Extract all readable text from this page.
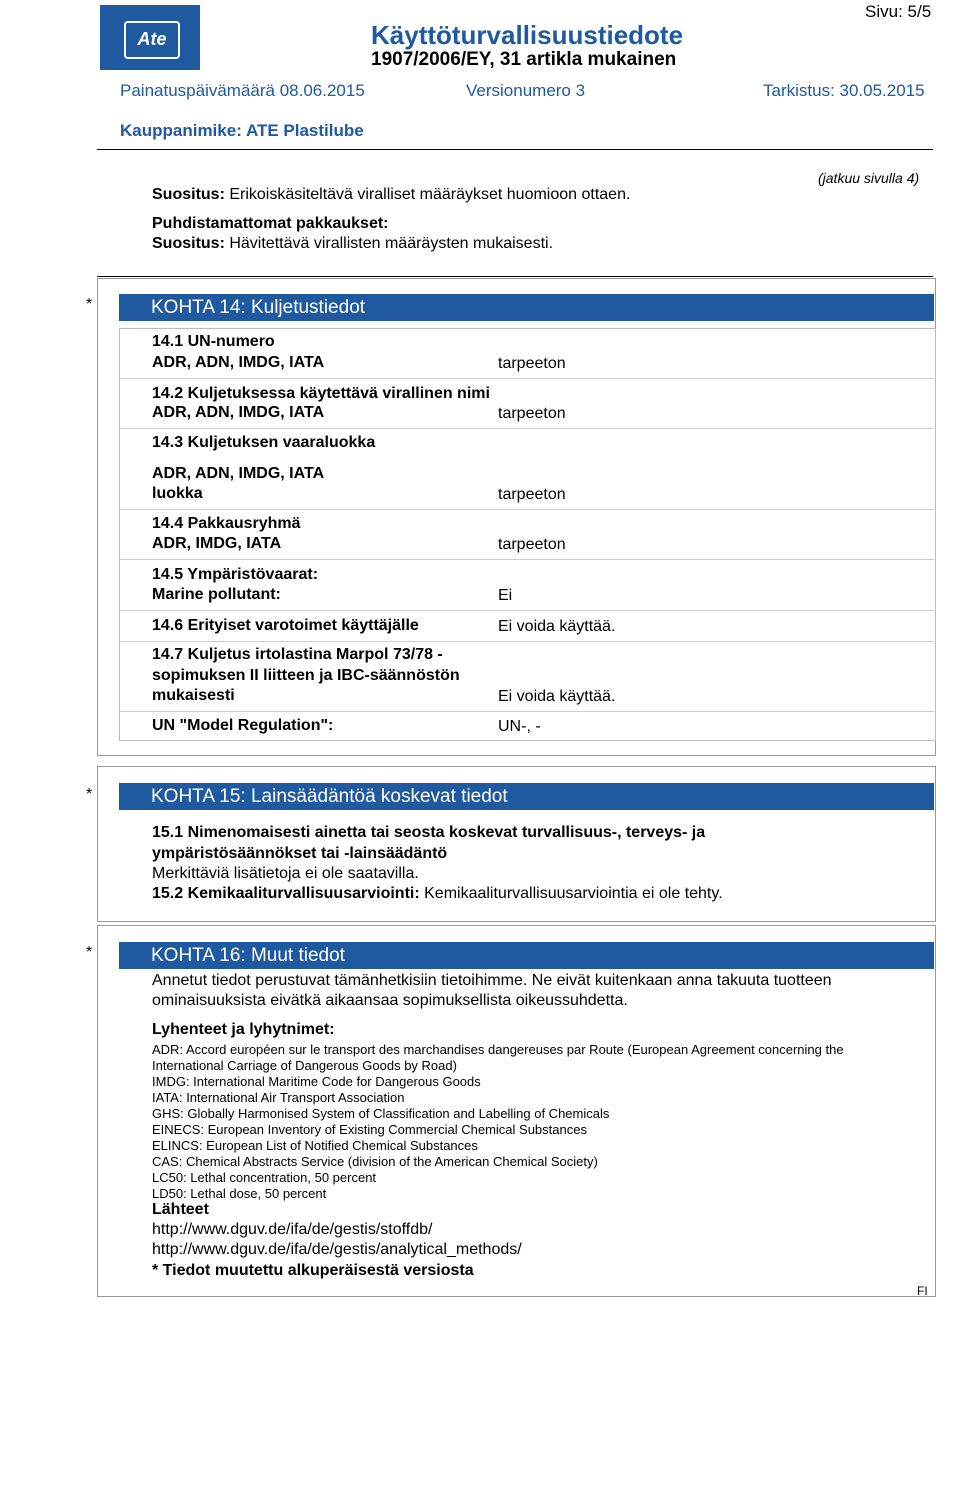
Ate	Käyttöturvallisuustiedote
1907/2006/EY, 31 artikla mukainen
Sivu: 5/5
Painatuspäivämäärä 08.06.2015	Versionumero 3	Tarkistus: 30.05.2015
Kauppanimike: ATE Plastilube
(jatkuu sivulla 4)
Suositus: Erikoiskäsiteltävä viralliset määräykset huomioon ottaen.
Puhdistamattomat pakkaukset:
Suositus: Hävitettävä virallisten määräysten mukaisesti.
*	KOHTA 14: Kuljetustiedot
14.1 UN-numero
ADR, ADN, IMDG, IATA	tarpeeton
14.2 Kuljetuksessa käytettävä virallinen nimi
ADR, ADN, IMDG, IATA	tarpeeton
14.3 Kuljetuksen vaaraluokka
ADR, ADN, IMDG, IATA
luokka	tarpeeton
14.4 Pakkausryhmä
ADR, IMDG, IATA	tarpeeton
14.5 Ympäristövaarat:
Marine pollutant:	Ei
14.6 Erityiset varotoimet käyttäjälle	Ei voida käyttää.
14.7 Kuljetus irtolastina Marpol 73/78 -
sopimuksen II liitteen ja IBC-säännöstön
mukaisesti	Ei voida käyttää.
UN "Model Regulation":	UN-, -
*	KOHTA 15: Lainsäädäntöä koskevat tiedot
15.1 Nimenomaisesti ainetta tai seosta koskevat turvallisuus-, terveys- ja
ympäristösäännökset tai -lainsäädäntö
Merkittäviä lisätietoja ei ole saatavilla.
15.2 Kemikaaliturvallisuusarviointi: Kemikaaliturvallisuusarviointia ei ole tehty.
*	KOHTA 16: Muut tiedot
Annetut tiedot perustuvat tämänhetkisiin tietoihimme. Ne eivät kuitenkaan anna takuuta tuotteen
ominaisuuksista eivätkä aikaansaa sopimuksellista oikeussuhdetta.
Lyhenteet ja lyhytnimet:
ADR: Accord européen sur le transport des marchandises dangereuses par Route (European Agreement concerning the
International Carriage of Dangerous Goods by Road)
IMDG: International Maritime Code for Dangerous Goods
IATA: International Air Transport Association
GHS: Globally Harmonised System of Classification and Labelling of Chemicals
EINECS: European Inventory of Existing Commercial Chemical Substances
ELINCS: European List of Notified Chemical Substances
CAS: Chemical Abstracts Service (division of the American Chemical Society)
LC50: Lethal concentration, 50 percent
LD50: Lethal dose, 50 percent
Lähteet
http://www.dguv.de/ifa/de/gestis/stoffdb/
http://www.dguv.de/ifa/de/gestis/analytical_methods/
* Tiedot muutettu alkuperäisestä versiosta
FI
